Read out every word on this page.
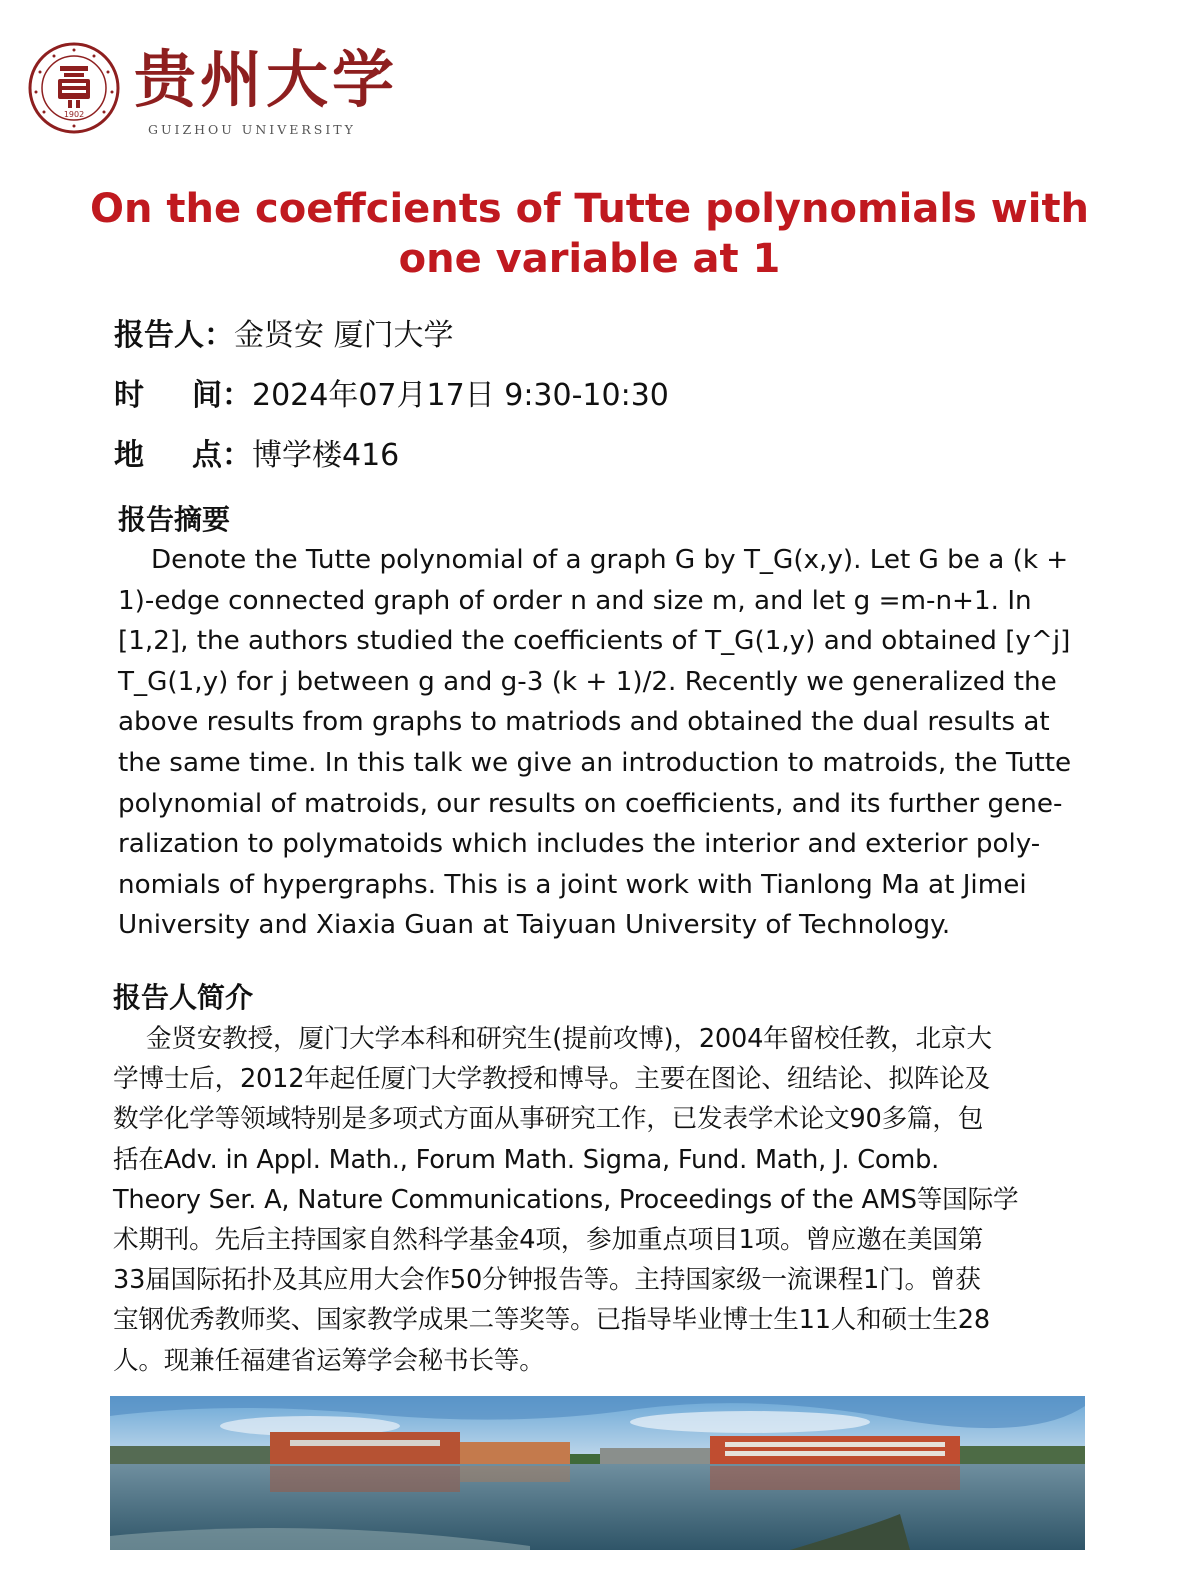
1902 贵州大学
GUIZHOU UNIVERSITY
On the coeffcients of Tutte polynomials with
one variable at 1
报告人：金贤安 厦门大学
时间：2024年07月17日 9:30-10:30
地点：博学楼416
报告摘要
Denote the Tutte polynomial of a graph G by T_G(x,y). Let G be a (k +
1)-edge connected graph of order n and size m, and let g =m-n+1. In
[1,2], the authors studied the coefficients of T_G(1,y) and obtained [y^j]
T_G(1,y) for j between g and g-3 (k + 1)/2. Recently we generalized the
above results from graphs to matriods and obtained the dual results at
the same time. In this talk we give an introduction to matroids, the Tutte
polynomial of matroids, our results on coefficients, and its further gene-
ralization to polymatoids which includes the interior and exterior poly-
nomials of hypergraphs. This is a joint work with Tianlong Ma at Jimei
University and Xiaxia Guan at Taiyuan University of Technology.
报告人简介
金贤安教授，厦门大学本科和研究生(提前攻博)，2004年留校任教，北京大
学博士后，2012年起任厦门大学教授和博导。主要在图论、纽结论、拟阵论及
数学化学等领域特别是多项式方面从事研究工作，已发表学术论文90多篇，包
括在Adv. in Appl. Math., Forum Math. Sigma, Fund. Math, J. Comb.
Theory Ser. A, Nature Communications, Proceedings of the AMS等国际学
术期刊。先后主持国家自然科学基金4项，参加重点项目1项。曾应邀在美国第
33届国际拓扑及其应用大会作50分钟报告等。主持国家级一流课程1门。曾获
宝钢优秀教师奖、国家教学成果二等奖等。已指导毕业博士生11人和硕士生28
人。现兼任福建省运筹学会秘书长等。
